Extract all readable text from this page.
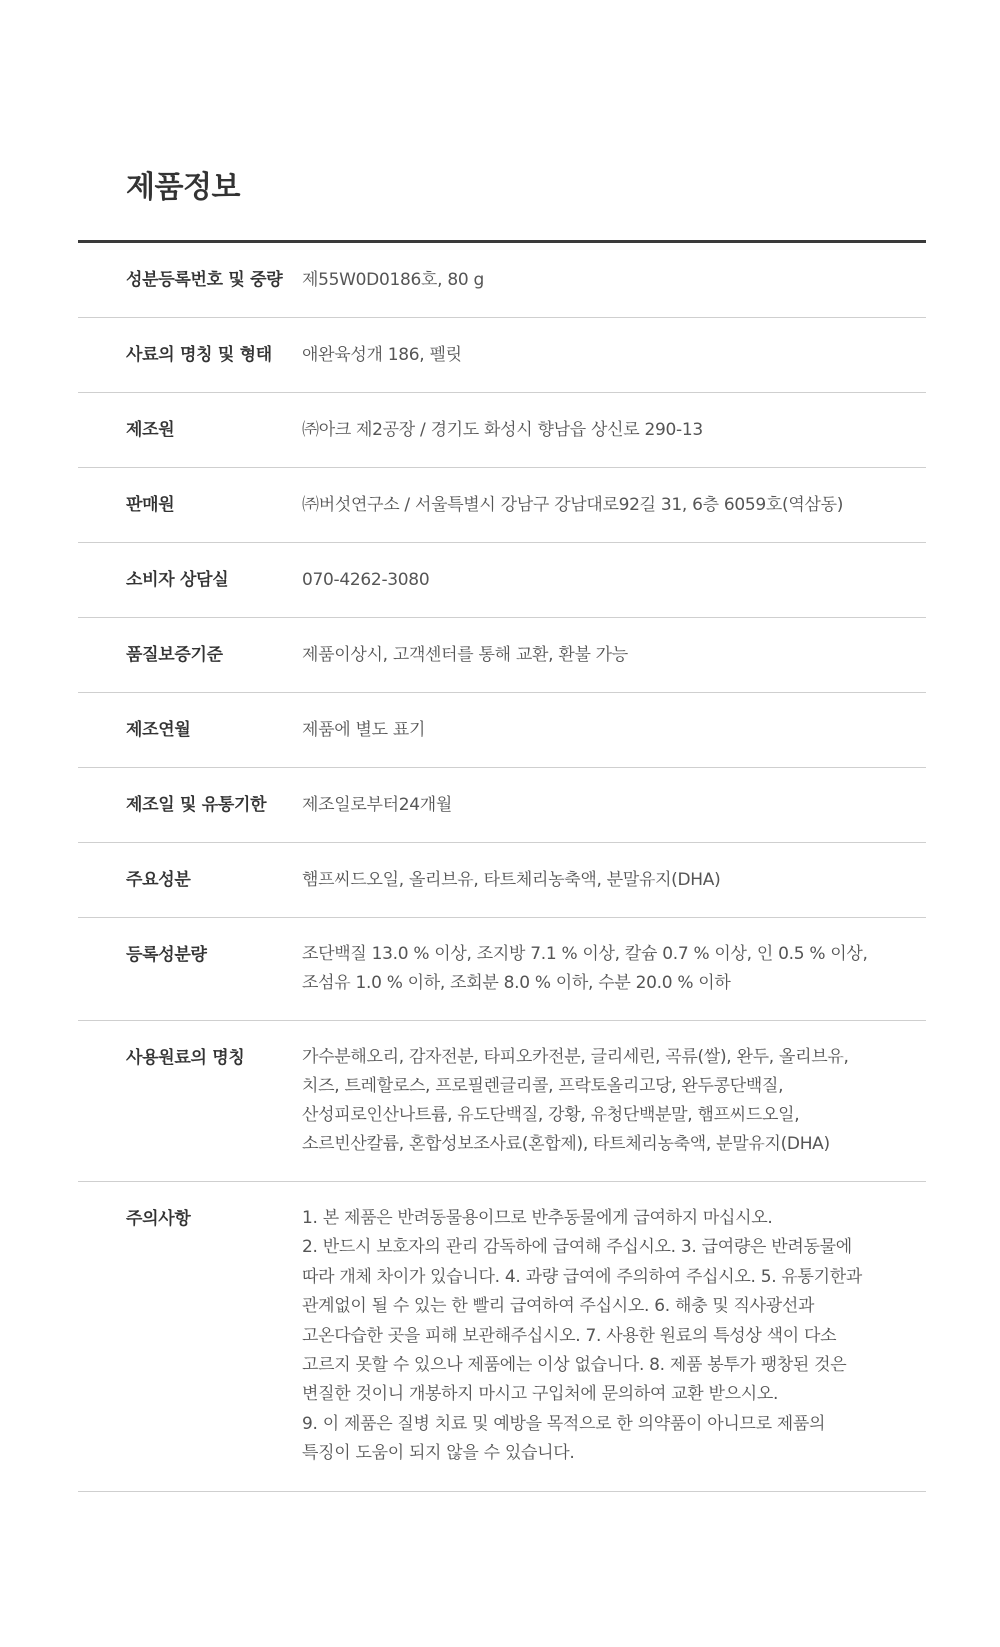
제품정보
성분등록번호 및 중량	제55W0D0186호, 80 g
사료의 명칭 및 형태	애완육성개 186, 펠릿
제조원	㈜아크 제2공장 / 경기도 화성시 향남읍 상신로 290-13
판매원	㈜버섯연구소 / 서울특별시 강남구 강남대로92길 31, 6층 6059호(역삼동)
소비자 상담실	070-4262-3080
품질보증기준	제품이상시, 고객센터를 통해 교환, 환불 가능
제조연월	제품에 별도 표기
제조일 및 유통기한	제조일로부터24개월
주요성분	햄프씨드오일, 올리브유, 타트체리농축액, 분말유지(DHA)
등록성분량	조단백질 13.0 % 이상, 조지방 7.1 % 이상, 칼슘 0.7 % 이상, 인 0.5 % 이상,

조섬유 1.0 % 이하, 조회분 8.0 % 이하, 수분 20.0 % 이하

사용원료의 명칭	가수분해오리, 감자전분, 타피오카전분, 글리세린, 곡류(쌀), 완두, 올리브유,

치즈, 트레할로스, 프로필렌글리콜, 프락토올리고당, 완두콩단백질,

산성피로인산나트륨, 유도단백질, 강황, 유청단백분말, 햄프씨드오일,

소르빈산칼륨, 혼합성보조사료(혼합제), 타트체리농축액, 분말유지(DHA)

주의사항	1. 본 제품은 반려동물용이므로 반추동물에게 급여하지 마십시오.

2. 반드시 보호자의 관리 감독하에 급여해 주십시오. 3. 급여량은 반려동물에

따라 개체 차이가 있습니다. 4. 과량 급여에 주의하여 주십시오. 5. 유통기한과

관계없이 될 수 있는 한 빨리 급여하여 주십시오. 6. 해충 및 직사광선과

고온다습한 곳을 피해 보관해주십시오. 7. 사용한 원료의 특성상 색이 다소

고르지 못할 수 있으나 제품에는 이상 없습니다. 8. 제품 봉투가 팽창된 것은

변질한 것이니 개봉하지 마시고 구입처에 문의하여 교환 받으시오.

9. 이 제품은 질병 치료 및 예방을 목적으로 한 의약품이 아니므로 제품의

특징이 도움이 되지 않을 수 있습니다.
